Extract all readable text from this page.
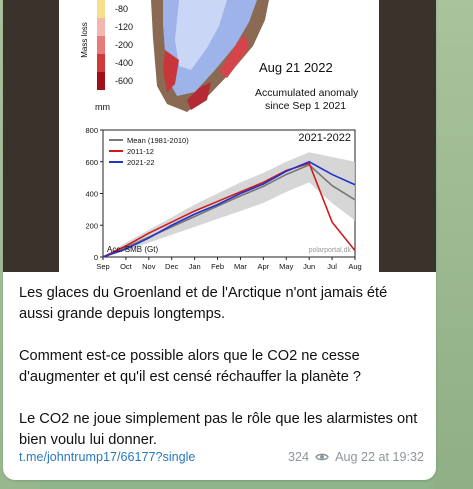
Mass loss
-80
-120
-200
-400
-600
mm
Aug 21 2022
Accumulated anomaly
since Sep 1 2021
0
200
400
600
800
Sep Oct Nov Dec Jan Feb Mar Apr May Jun Jul Aug
Mean (1981-2010)
2011-12
2021-22
2021-2022
Acc. SMB (Gt)	polarportal.dk

Les glaces du Groenland et de l'Arctique n'ont jamais été aussi grande depuis longtemps.

Comment est-ce possible alors que le CO2 ne cesse d'augmenter et qu'il est censé réchauffer la planète ?

Le CO2 ne joue simplement pas le rôle que les alarmistes ont bien voulu lui donner.

t.me/johntrump17/66177?single	324 Aug 22 at 19:32
